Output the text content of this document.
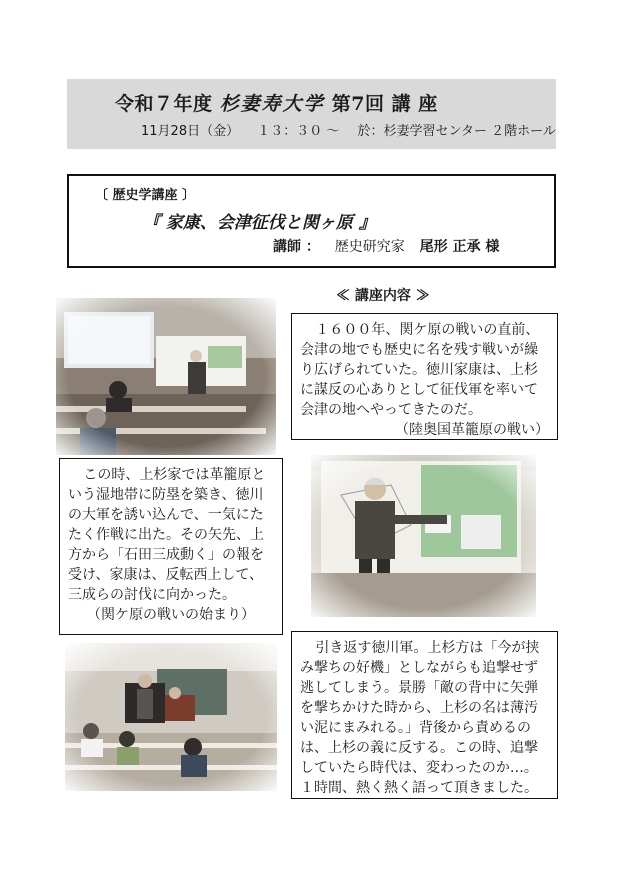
令和７年度 杉妻寿大学 第7回 講 座
11月28日（金） １３：３０ ～ 於：杉妻学習センター ２階ホール
〔 歴史学講座 〕
『 家康、会津征伐と関ヶ原 』
講師 ： 歴史研究家 尾形 正承 様
≪ 講座内容 ≫

１６００年、関ケ原の戦いの直前、会津の地でも歴史に名を残す戦いが繰り広げられていた。徳川家康は、上杉に謀反の心ありとして征伐軍を率いて会津の地へやってきたのだ。

（陸奥国革籠原の戦い）

この時、上杉家では革籠原という湿地帯に防塁を築き、徳川の大軍を誘い込んで、一気にたたく作戦に出た。その矢先、上方から「石田三成動く」の報を受け、家康は、反転西上して、三成らの討伐に向かった。

（関ケ原の戦いの始まり）

引き返す徳川軍。上杉方は「今が挟み撃ちの好機」としながらも追撃せず逃してしまう。景勝「敵の背中に矢弾を撃ちかけた時から、上杉の名は薄汚い泥にまみれる。」背後から責めるのは、上杉の義に反する。この時、追撃していたら時代は、変わったのか…。

１時間、熱く熱く語って頂きました。
